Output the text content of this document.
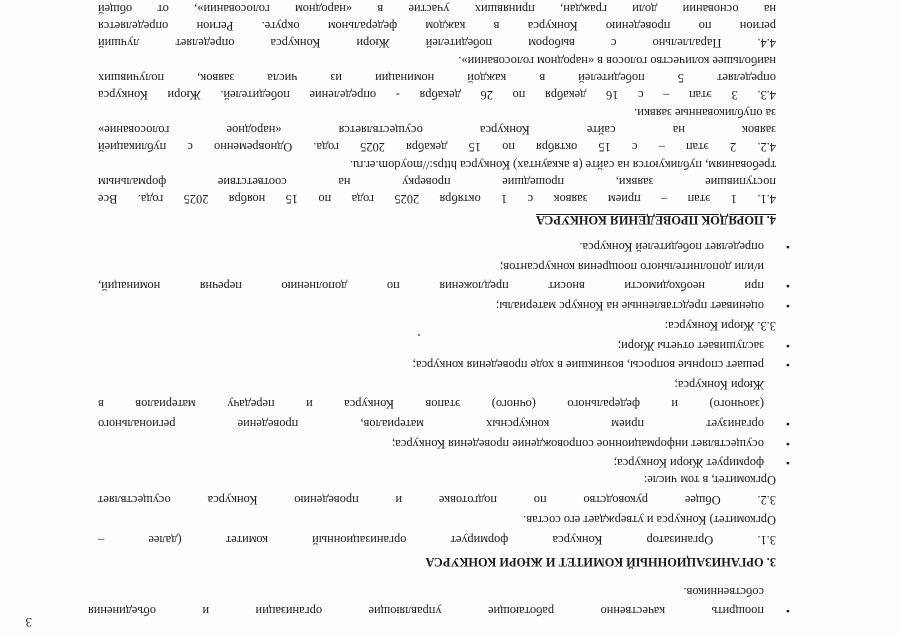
3
•
поощрить качественно работающие управляющие организации и объединения
собственников.
3. ОРГАНИЗАЦИОННЫЙ КОМИТЕТ И ЖЮРИ КОНКУРСА
3.1. Организатор Конкурса формирует организационный комитет (далее –
Оргкомитет) Конкурса и утверждает его состав.
3.2. Общее руководство по подготовке и проведению Конкурса осуществляет
Оргкомитет, в том числе:
•
формирует Жюри Конкурса;
•
осуществляет информационное сопровождение проведения Конкурса;
•
организует прием конкурсных материалов, проведение регионального
(заочного) и федерального (очного) этапов Конкурса и передачу материалов в
Жюри Конкурса;
•
решает спорные вопросы, возникшие в ходе проведения конкурса;
•
заслушивает отчеты Жюри;
3.3. Жюри Конкурса:
•
оценивает представленные на Конкурс материалы;
•
при необходимости вносит предложения по дополнению перечня номинаций,
и/или дополнительного поощрения конкурсантов;
•
определяет победителей Конкурса.
4. ПОРЯДОК ПРОВЕДЕНИЯ КОНКУРСА
4.1. 1 этап – прием заявок с 1 октября 2025 года по 15 ноября 2025 года. Все
поступившие заявки, прошедшие проверку на соответствие формальным
требованиям, публикуются на сайте (в аккаунтах) Конкурса https://moydom.er.ru.
4.2. 2 этап – с 15 октября по 15 декабря 2025 года. Одновременно с публикацией
заявок на сайте Конкурса осуществляется «народное голосование»
за опубликованные заявки.
4.3. 3 этап – с 16 декабря по 26 декабря - определение победителей. Жюри Конкурса
определяет 5 победителей в каждой номинации из числа заявок, получивших
наибольшее количество голосов в «народном голосовании».
4.4. Параллельно с выбором победителей Жюри Конкурса определяет лучший
регион по проведению Конкурса в каждом федеральном округе. Регион определяется
на основании доли граждан, принявших участие в «народном голосовании», от общей
